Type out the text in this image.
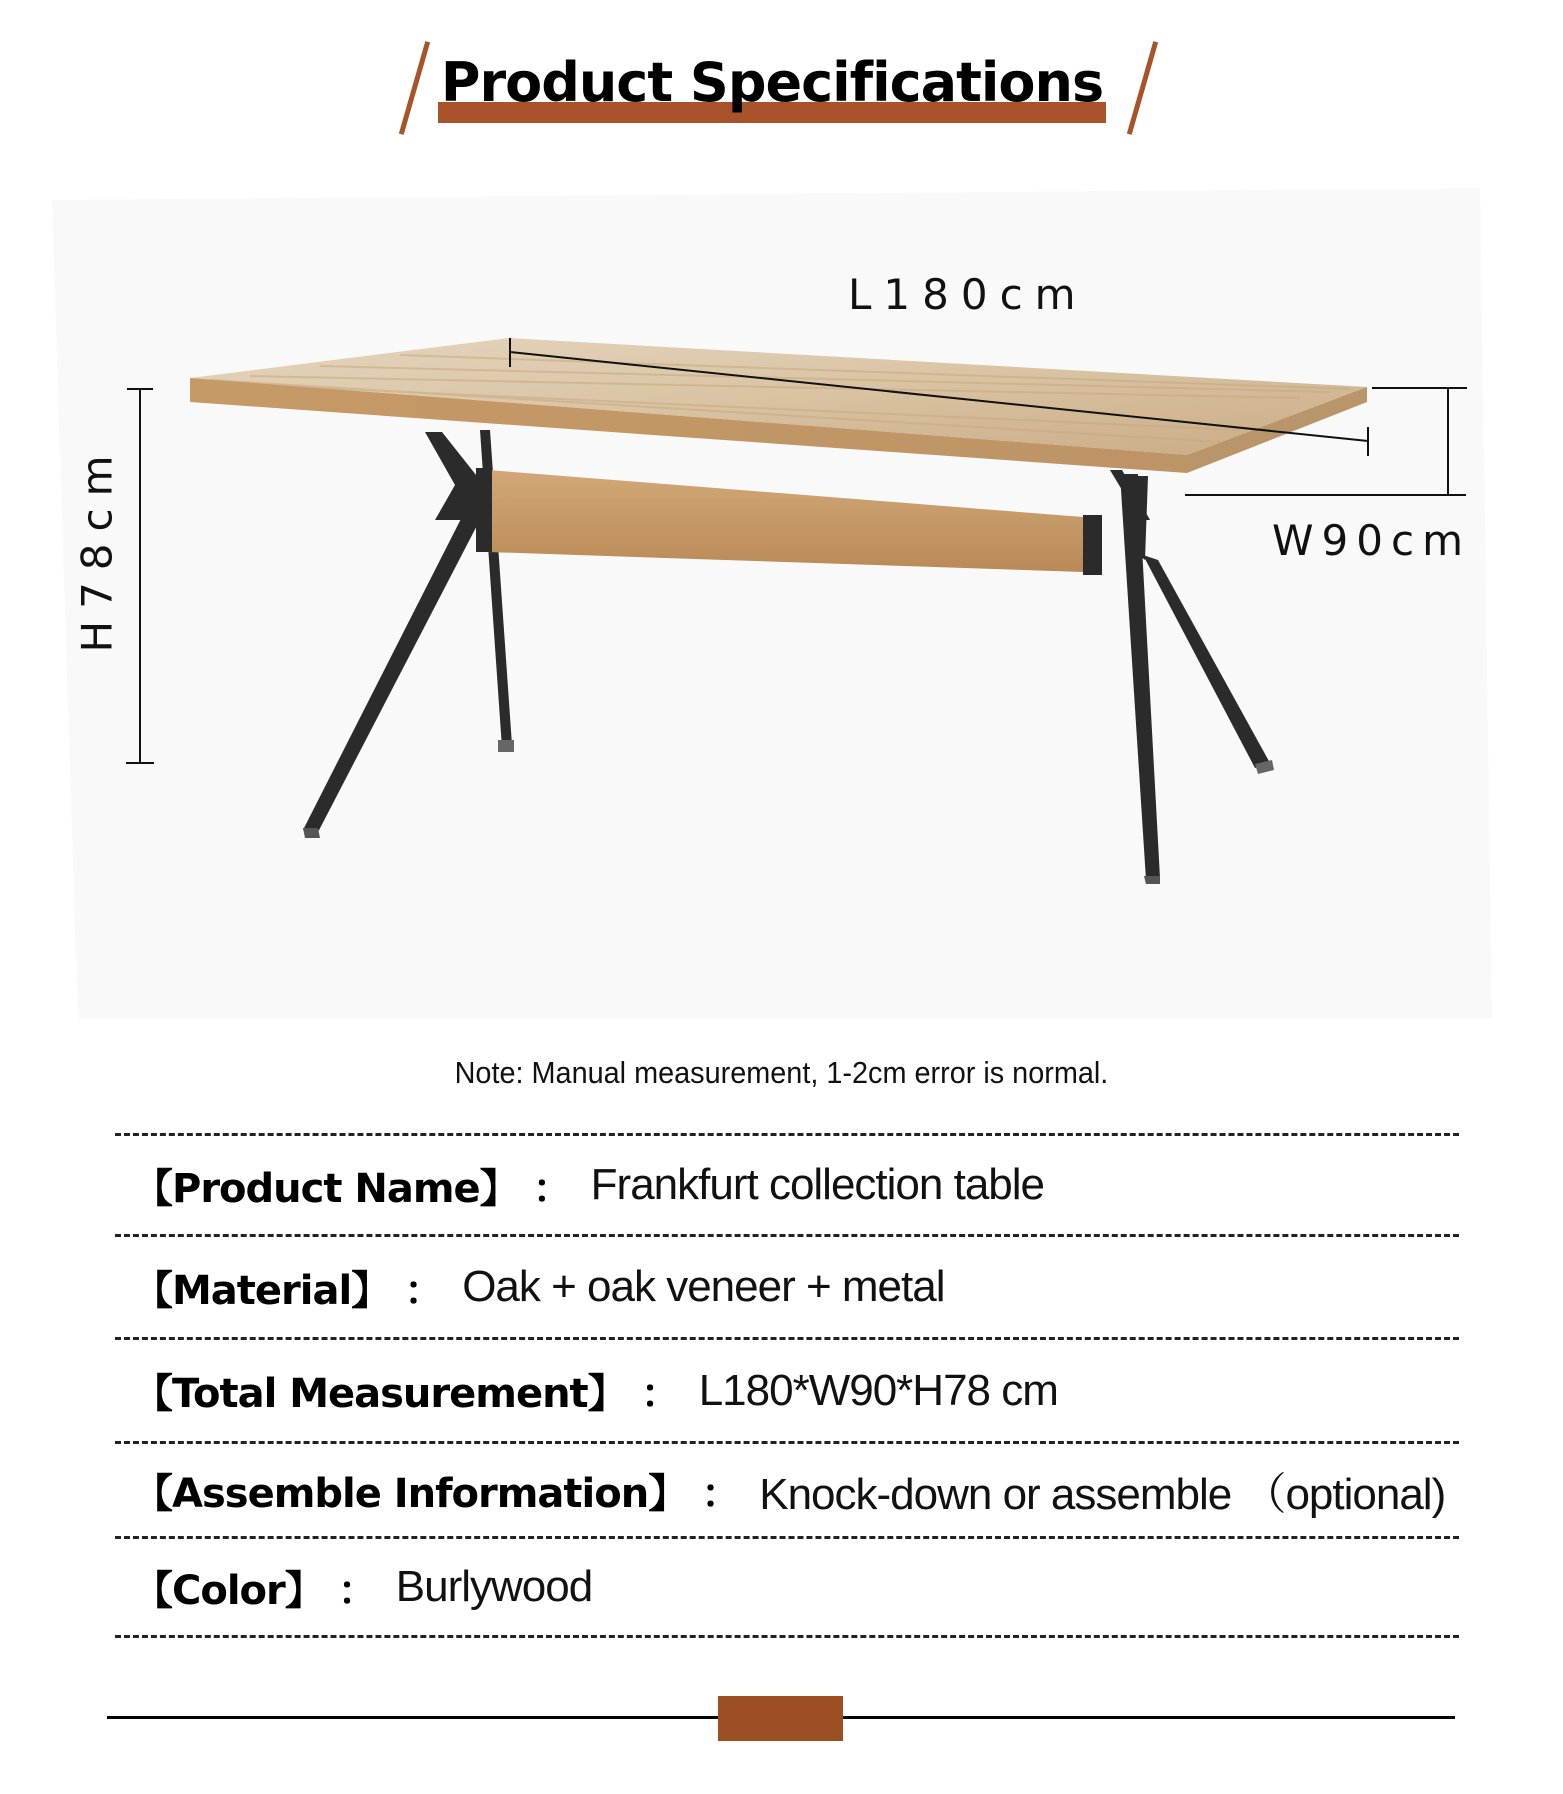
Product Specifications
L180cm
W90cm
H78cm
Note: Manual measurement, 1-2cm error is normal.
【Product Name】 ： Frankfurt collection table
【Material】 ： Oak + oak veneer + metal
【Total Measurement】 ： L180*W90*H78 cm
【Assemble Information】 ： Knock-down or assemble （optional)
【Color】 ： Burlywood
